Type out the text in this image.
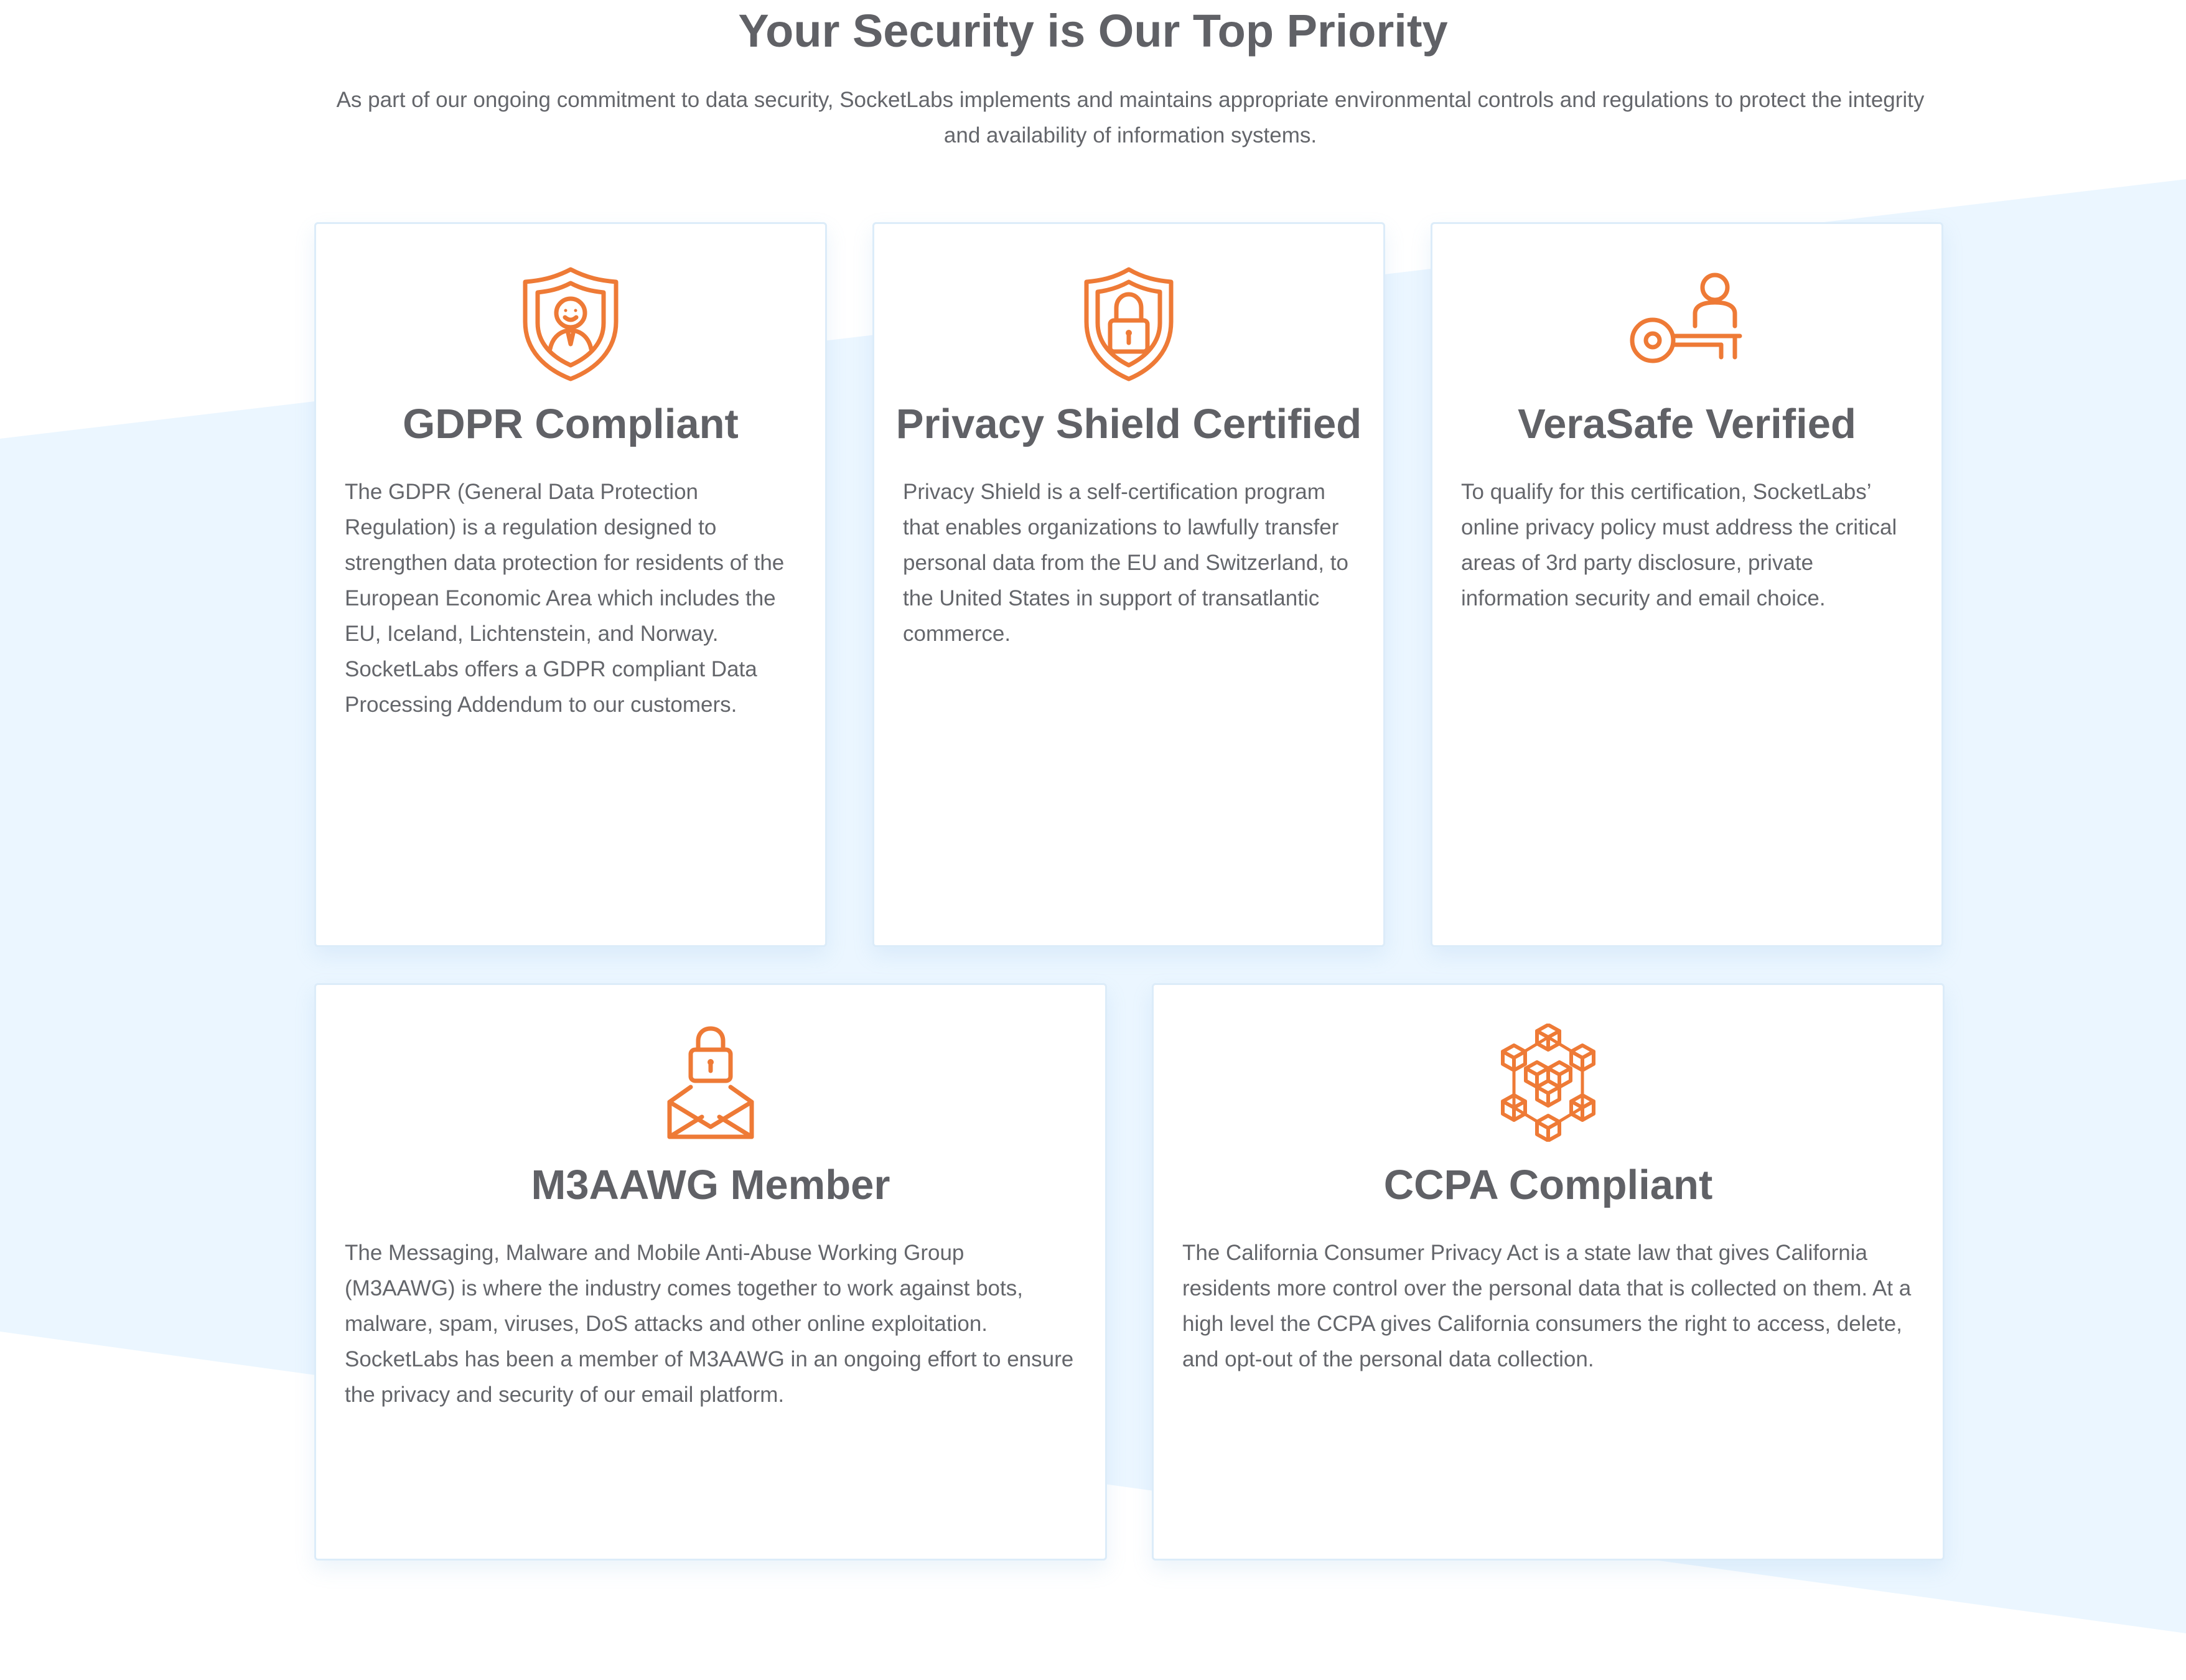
Your Security is Our Top Priority

As part of our ongoing commitment to data security, SocketLabs implements and maintains appropriate environmental controls and regulations to protect the integrity and availability of information systems.

GDPR Compliant

The GDPR (General Data Protection Regulation) is a regulation designed to strengthen data protection for residents of the European Economic Area which includes the EU, Iceland, Lichtenstein, and Norway. SocketLabs offers a GDPR compliant Data Processing Addendum to our customers.

Privacy Shield Certified

Privacy Shield is a self-certification program that enables organizations to lawfully transfer personal data from the EU and Switzerland, to the United States in support of transatlantic commerce.

VeraSafe Verified

To qualify for this certification, SocketLabs’ online privacy policy must address the critical areas of 3rd party disclosure, private information security and email choice.

M3AAWG Member

The Messaging, Malware and Mobile Anti-Abuse Working Group (M3AAWG) is where the industry comes together to work against bots, malware, spam, viruses, DoS attacks and other online exploitation. SocketLabs has been a member of M3AAWG in an ongoing effort to ensure the privacy and security of our email platform.

CCPA Compliant

The California Consumer Privacy Act is a state law that gives California residents more control over the personal data that is collected on them. At a high level the CCPA gives California consumers the right to access, delete, and opt-out of the personal data collection.
